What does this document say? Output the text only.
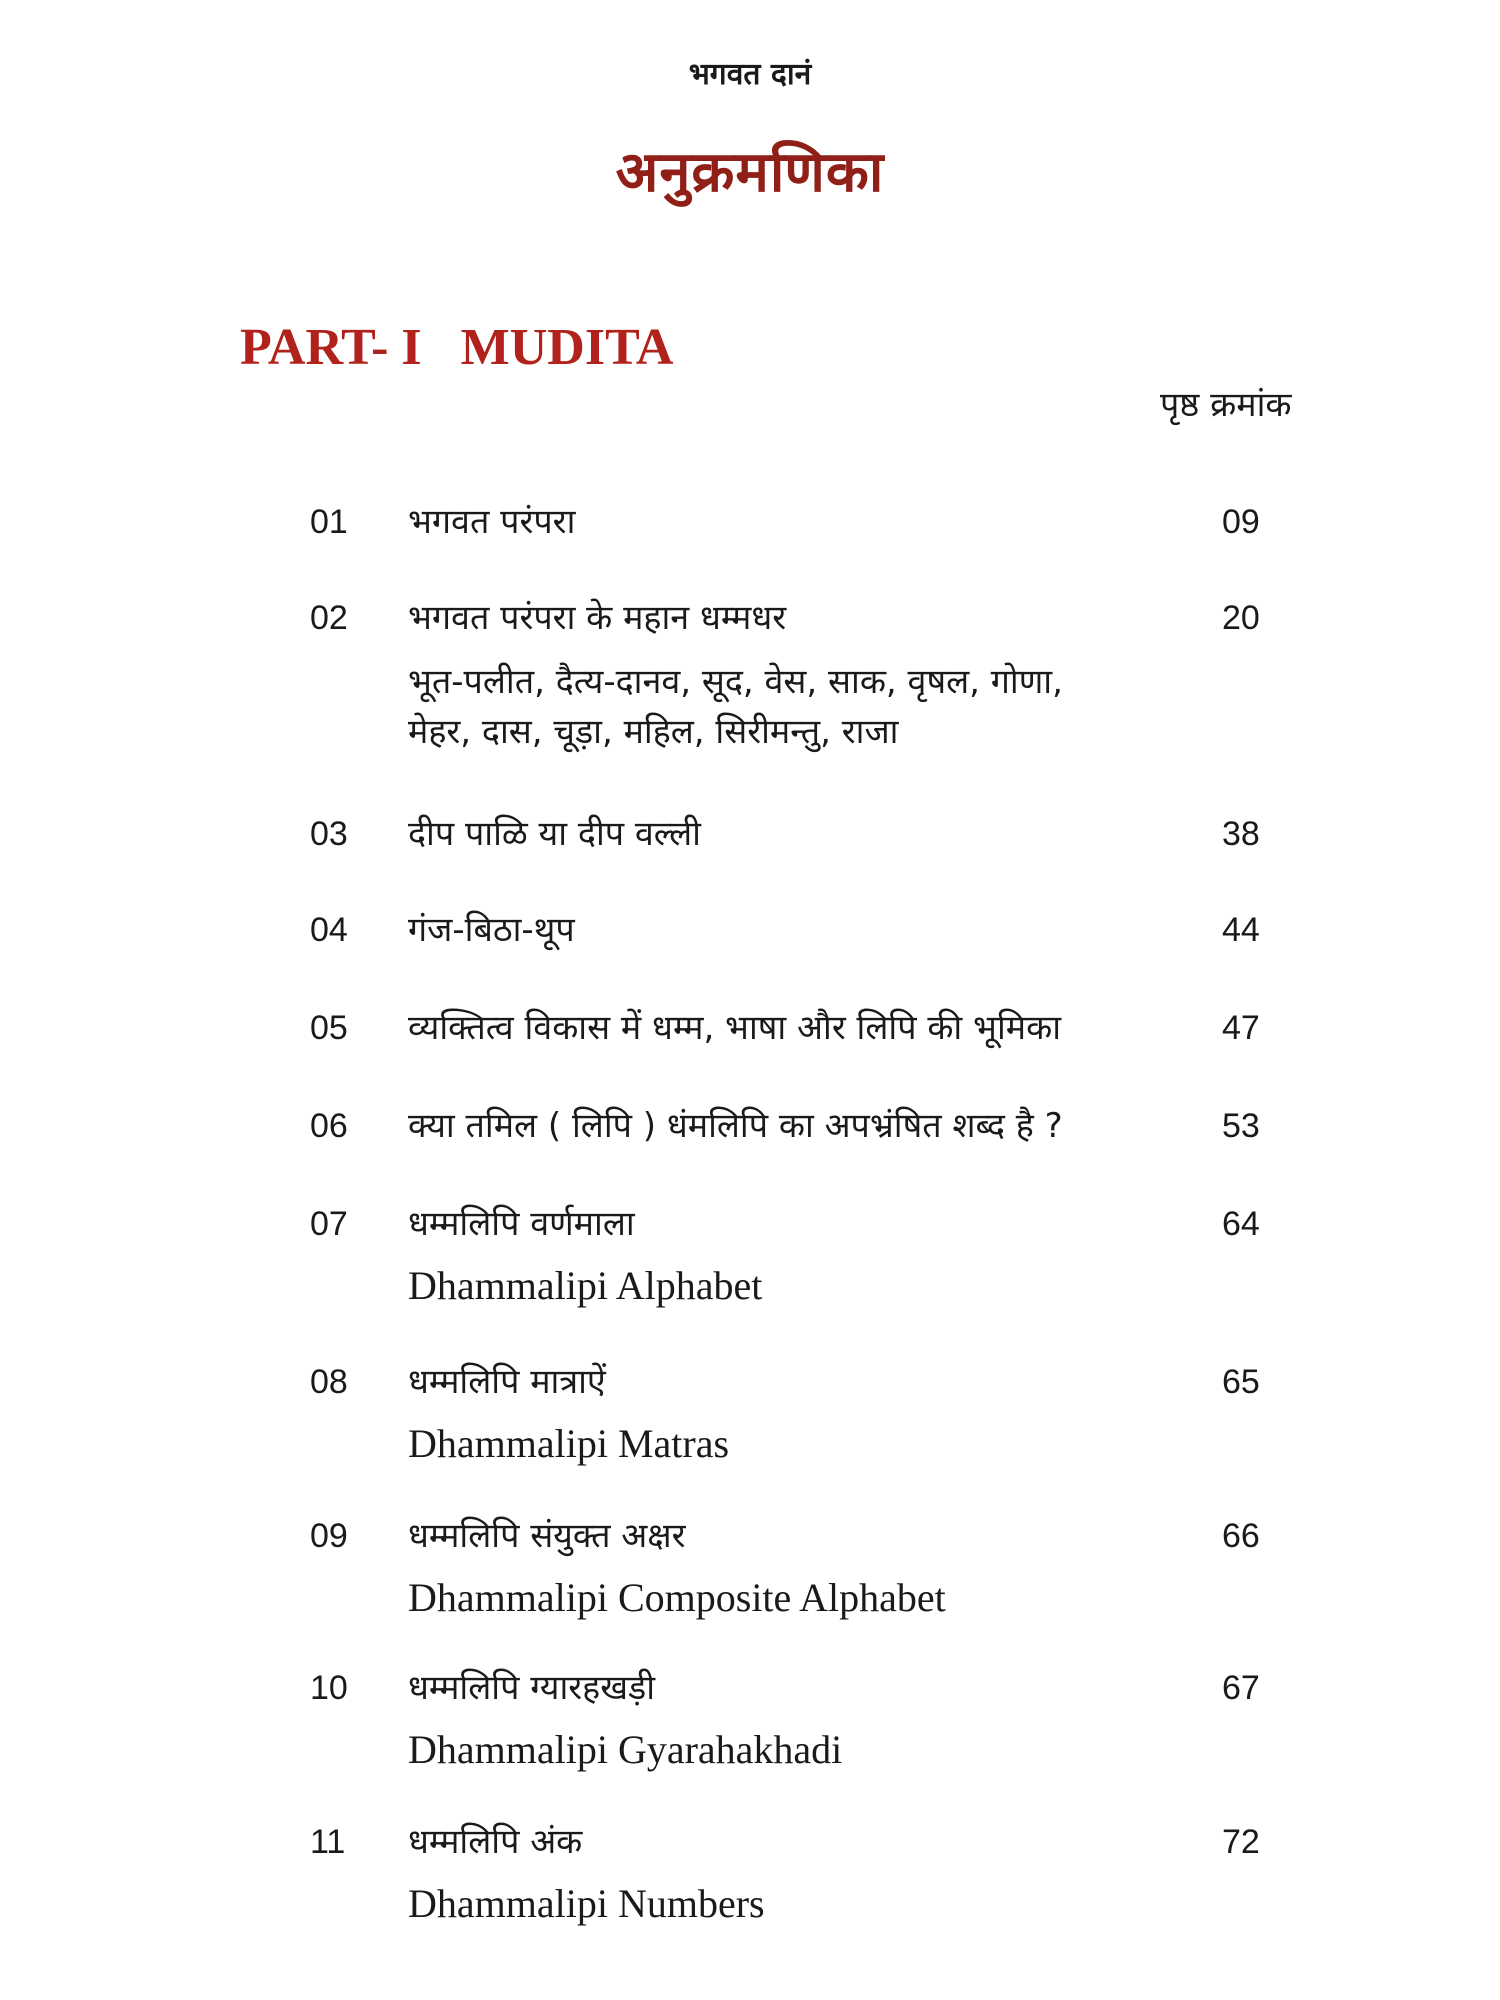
भगवत दानं
अनुक्रमणिका
PART- I   MUDITA
पृष्ठ क्रमांक
01 भगवत परंपरा	09
02 भगवत परंपरा के महान धम्मधर	20
भूत-पलीत, दैत्य-दानव, सूद, वेस, साक, वृषल, गोणा,
मेहर, दास, चूड़ा, महिल, सिरीमन्तु, राजा
03 दीप पाळि या दीप वल्ली	38
04 गंज-बिठा-थूप	44
05 व्यक्तित्व विकास में धम्म, भाषा और लिपि की भूमिका	47
06 क्या तमिल ( लिपि ) धंमलिपि का अपभ्रंषित शब्द है ?	53
07 धम्मलिपि वर्णमाला	64
Dhammalipi Alphabet
08 धम्मलिपि मात्राऐं	65
Dhammalipi Matras
09 धम्मलिपि संयुक्त अक्षर	66
Dhammalipi Composite Alphabet
10 धम्मलिपि ग्यारहखड़ी	67
Dhammalipi Gyarahakhadi
11 धम्मलिपि अंक	72
Dhammalipi Numbers
